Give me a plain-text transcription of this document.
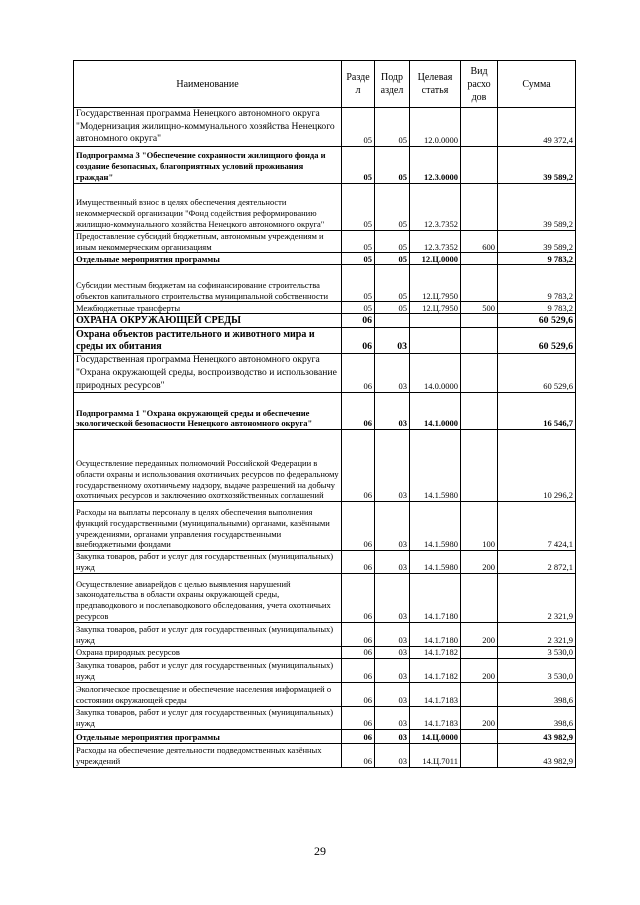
Наименование	Разде л	Подр аздел	Целевая статья	Вид расхо дов	Сумма
Государственная программа Ненецкого автономного округа "Модернизация жилищно-коммунального хозяйства Ненецкого автономного округа"	05	05	12.0.0000		49 372,4
Подпрограмма 3 "Обеспечение сохранности жилищного фонда и создание безопасных, благоприятных условий проживания граждан"	05	05	12.3.0000		39 589,2
Имущественный взнос в целях обеспечения деятельности некоммерческой организации "Фонд содействия реформированию жилищно-коммунального хозяйства Ненецкого автономного округа"	05	05	12.3.7352		39 589,2
Предоставление субсидий бюджетным, автономным учреждениям и иным некоммерческим организациям	05	05	12.3.7352	600	39 589,2
Отдельные мероприятия программы	05	05	12.Ц.0000		9 783,2
Субсидии местным бюджетам на софинансирование строительства объектов капитального строительства муниципальной собственности	05	05	12.Ц.7950		9 783,2
Межбюджетные трансферты	05	05	12.Ц.7950	500	9 783,2
ОХРАНА ОКРУЖАЮЩЕЙ СРЕДЫ	06				60 529,6
Охрана объектов растительного и животного мира и среды их обитания	06	03			60 529,6
Государственная программа Ненецкого автономного округа "Охрана окружающей среды, воспроизводство и использование природных ресурсов"	06	03	14.0.0000		60 529,6
Подпрограмма 1 "Охрана окружающей среды и обеспечение экологической безопасности Ненецкого автономного округа"	06	03	14.1.0000		16 546,7
Осуществление переданных полномочий Российской Федерации в области охраны и использования охотничьих ресурсов по федеральному государственному охотничьему надзору, выдаче разрешений на добычу охотничьих ресурсов и заключению охотхозяйственных соглашений	06	03	14.1.5980		10 296,2
Расходы на выплаты персоналу в целях обеспечения выполнения функций государственными (муниципальными) органами, казёнными учреждениями, органами управления государственными внебюджетными фондами	06	03	14.1.5980	100	7 424,1
Закупка товаров, работ и услуг для государственных (муниципальных) нужд	06	03	14.1.5980	200	2 872,1
Осуществление авиарейдов с целью выявления нарушений законодательства в области охраны окружающей среды, предпаводкового и послепаводкового обследования, учета охотничьих ресурсов	06	03	14.1.7180		2 321,9
Закупка товаров, работ и услуг для государственных (муниципальных) нужд	06	03	14.1.7180	200	2 321,9
Охрана природных ресурсов	06	03	14.1.7182		3 530,0
Закупка товаров, работ и услуг для государственных (муниципальных) нужд	06	03	14.1.7182	200	3 530,0
Экологическое просвещение и обеспечение населения информацией о состоянии окружающей среды	06	03	14.1.7183		398,6
Закупка товаров, работ и услуг для государственных (муниципальных) нужд	06	03	14.1.7183	200	398,6
Отдельные мероприятия программы	06	03	14.Ц.0000		43 982,9
Расходы на обеспечение деятельности подведомственных казённых учреждений	06	03	14.Ц.7011		43 982,9
29
